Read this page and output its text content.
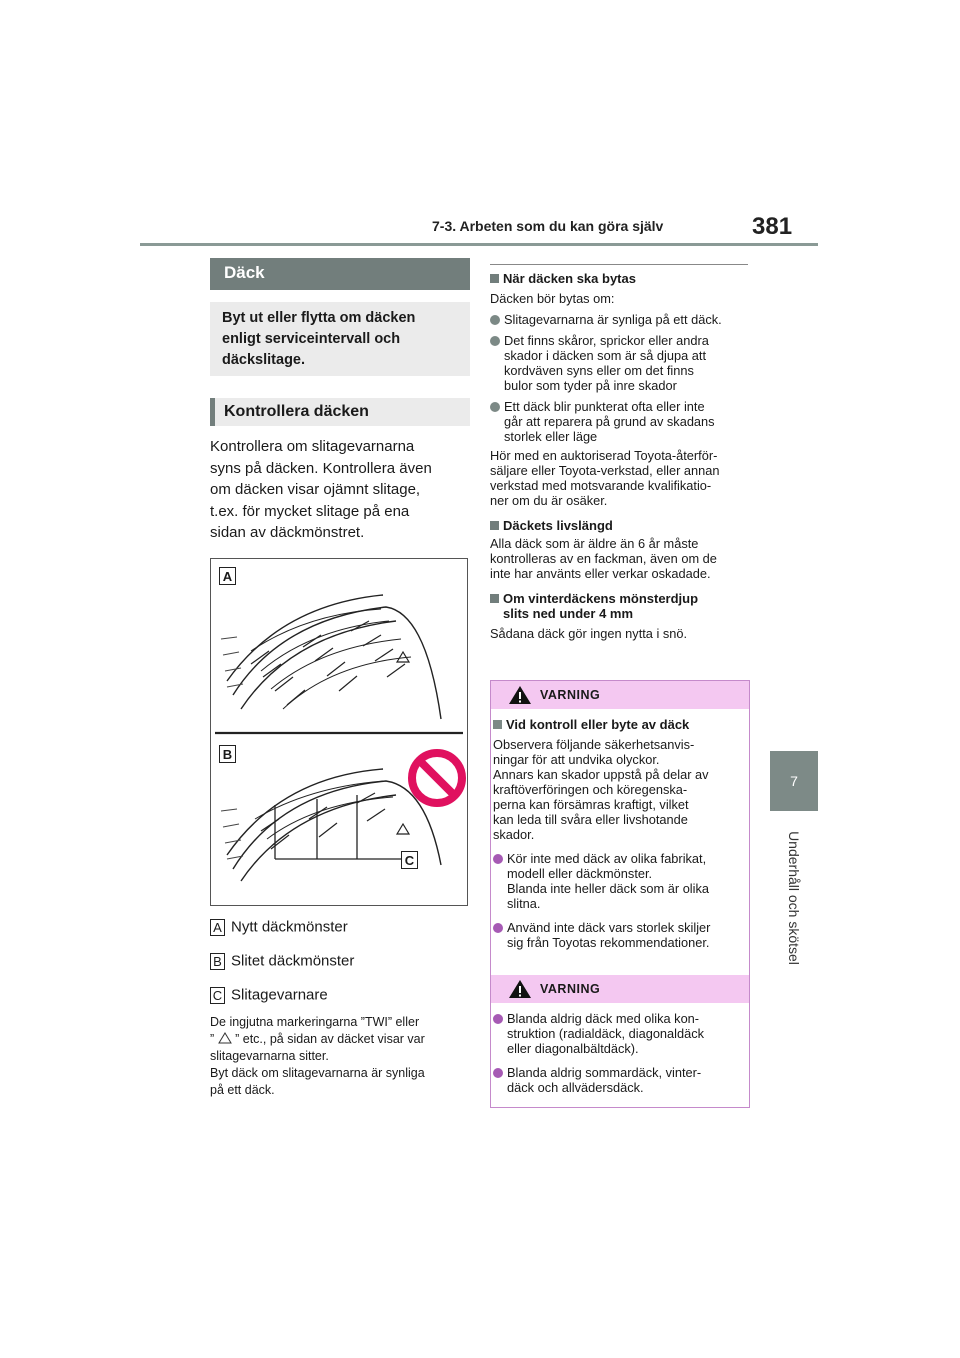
7-3. Arbeten som du kan göra själv	381
7
Underhåll och skötsel
Däck
Byt ut eller flytta om däcken
enligt serviceintervall och
däckslitage.
Kontrollera däcken
Kontrollera om slitagevarnarna
syns på däcken. Kontrollera även
om däcken visar ojämnt slitage,
t.ex. för mycket slitage på ena
sidan av däckmönstret.
A
B
C
A Nytt däckmönster
B Slitet däckmönster
C Slitagevarnare
De ingjutna markeringarna ”TWI” eller
”  ” etc., på sidan av däcket visar var
slitagevarnarna sitter.
Byt däck om slitagevarnarna är synliga
på ett däck.
När däcken ska bytas
Däcken bör bytas om:
Slitagevarnarna är synliga på ett däck.
Det finns skåror, sprickor eller andra
skador i däcken som är så djupa att
kordväven syns eller om det finns
bulor som tyder på inre skador
Ett däck blir punkterat ofta eller inte
går att reparera på grund av skadans
storlek eller läge
Hör med en auktoriserad Toyota-återför-
säljare eller Toyota-verkstad, eller annan
verkstad med motsvarande kvalifikatio-
ner om du är osäker.
Däckets livslängd
Alla däck som är äldre än 6 år måste
kontrolleras av en fackman, även om de
inte har använts eller verkar oskadade.
Om vinterdäckens mönsterdjup
slits ned under 4 mm
Sådana däck gör ingen nytta i snö.
VARNING
Vid kontroll eller byte av däck
Observera följande säkerhetsanvis-
ningar för att undvika olyckor.
Annars kan skador uppstå på delar av
kraftöverföringen och köregenska-
perna kan försämras kraftigt, vilket
kan leda till svåra eller livshotande
skador.
Kör inte med däck av olika fabrikat,
modell eller däckmönster.
Blanda inte heller däck som är olika
slitna.
Använd inte däck vars storlek skiljer
sig från Toyotas rekommendationer.
VARNING
Blanda aldrig däck med olika kon-
struktion (radialdäck, diagonaldäck
eller diagonalbältdäck).
Blanda aldrig sommardäck, vinter-
däck och allvädersdäck.
